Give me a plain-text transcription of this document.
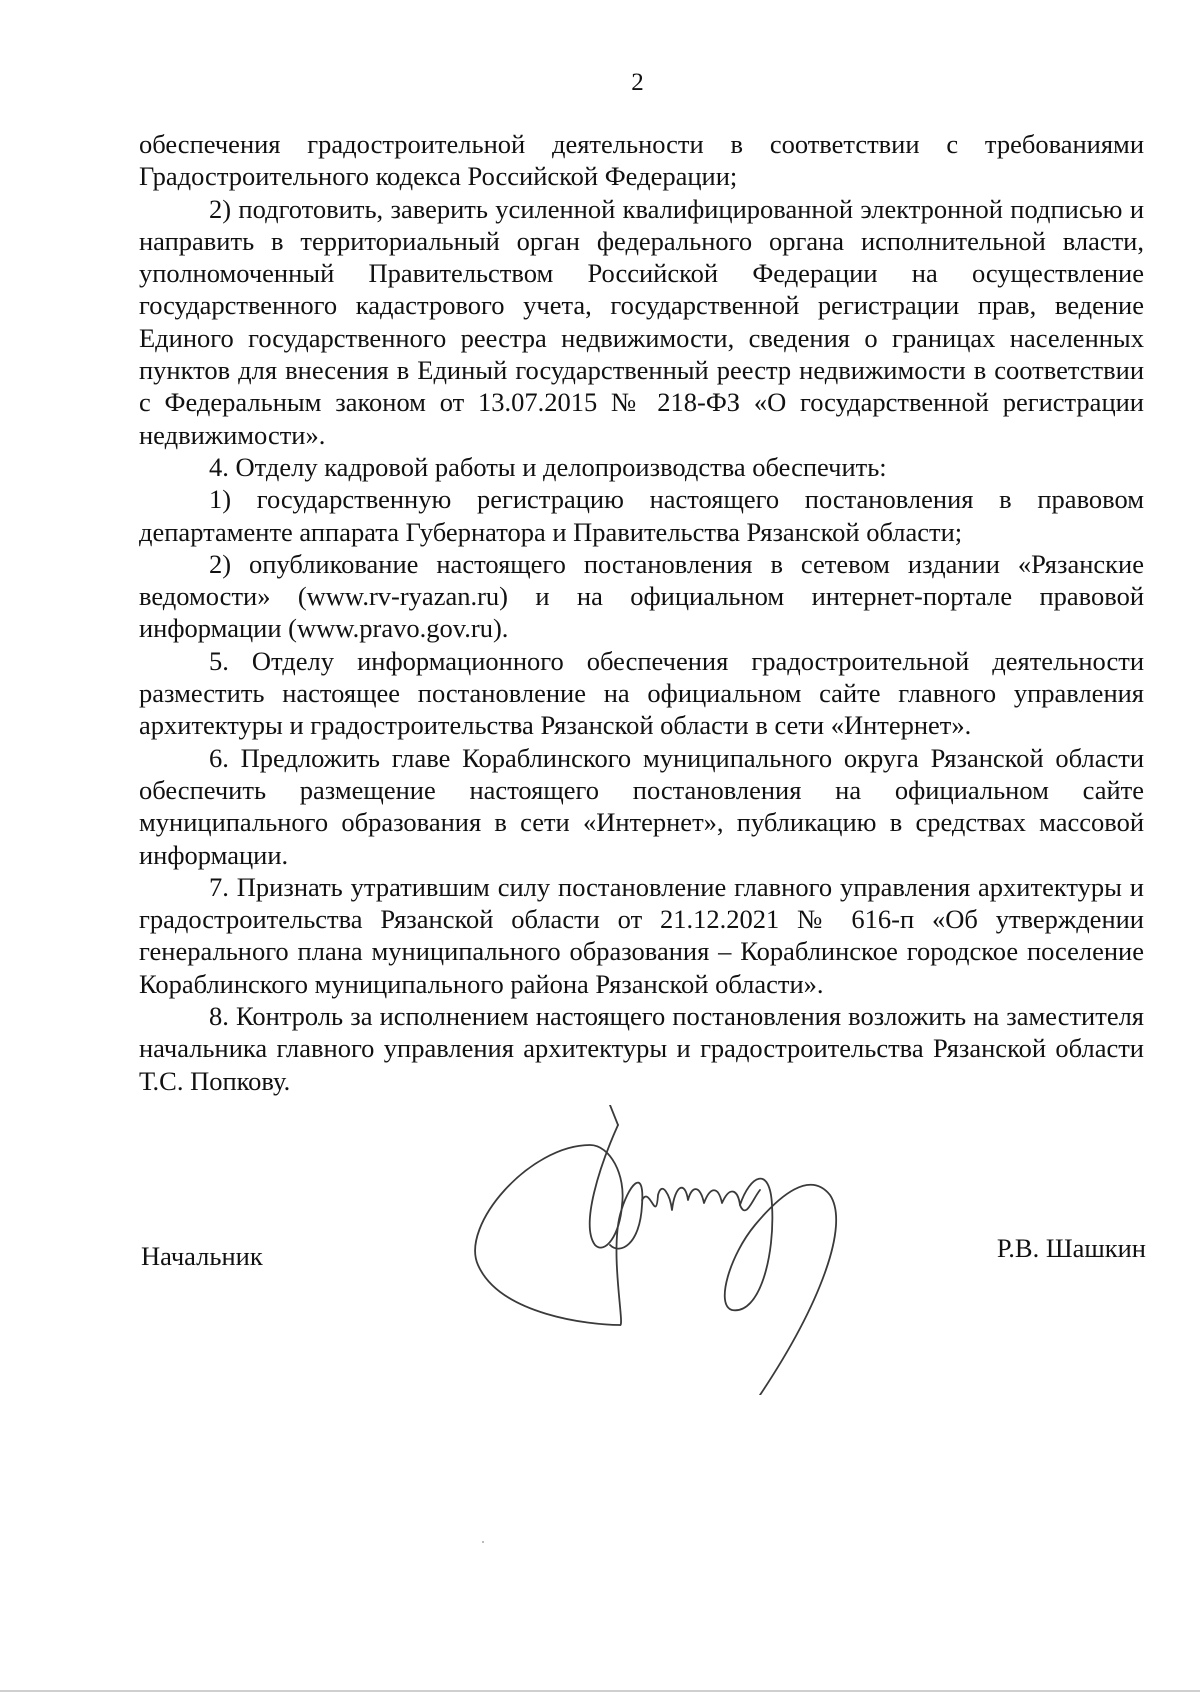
2

обеспечения градостроительной деятельности в соответствии с требованиями Градостроительного кодекса Российской Федерации;

2) подготовить, заверить усиленной квалифицированной электронной подписью и направить в территориальный орган федерального органа исполнительной власти, уполномоченный Правительством Российской Федерации на осуществление государственного кадастрового учета, государственной регистрации прав, ведение Единого государственного реестра недвижимости, сведения о границах населенных пунктов для внесения в Единый государственный реестр недвижимости в соответствии с Федеральным законом от 13.07.2015 № 218-ФЗ «О государственной регистрации недвижимости».

4. Отделу кадровой работы и делопроизводства обеспечить:

1) государственную регистрацию настоящего постановления в правовом департаменте аппарата Губернатора и Правительства Рязанской области;

2) опубликование настоящего постановления в сетевом издании «Рязанские ведомости» (www.rv-ryazan.ru) и на официальном интернет-портале правовой информации (www.pravo.gov.ru).

5. Отделу информационного обеспечения градостроительной деятельности разместить настоящее постановление на официальном сайте главного управления архитектуры и градостроительства Рязанской области в сети «Интернет».

6. Предложить главе Кораблинского муниципального округа Рязанской области обеспечить размещение настоящего постановления на официальном сайте муниципального образования в сети «Интернет», публикацию в средствах массовой информации.

7. Признать утратившим силу постановление главного управления архитектуры и градостроительства Рязанской области от 21.12.2021 № 616-п «Об утверждении генерального плана муниципального образования – Кораблинское городское поселение Кораблинского муниципального района Рязанской области».

8. Контроль за исполнением настоящего постановления возложить на заместителя начальника главного управления архитектуры и градостроительства Рязанской области Т.С. Попкову.

Начальник	Р.В. Шашкин
